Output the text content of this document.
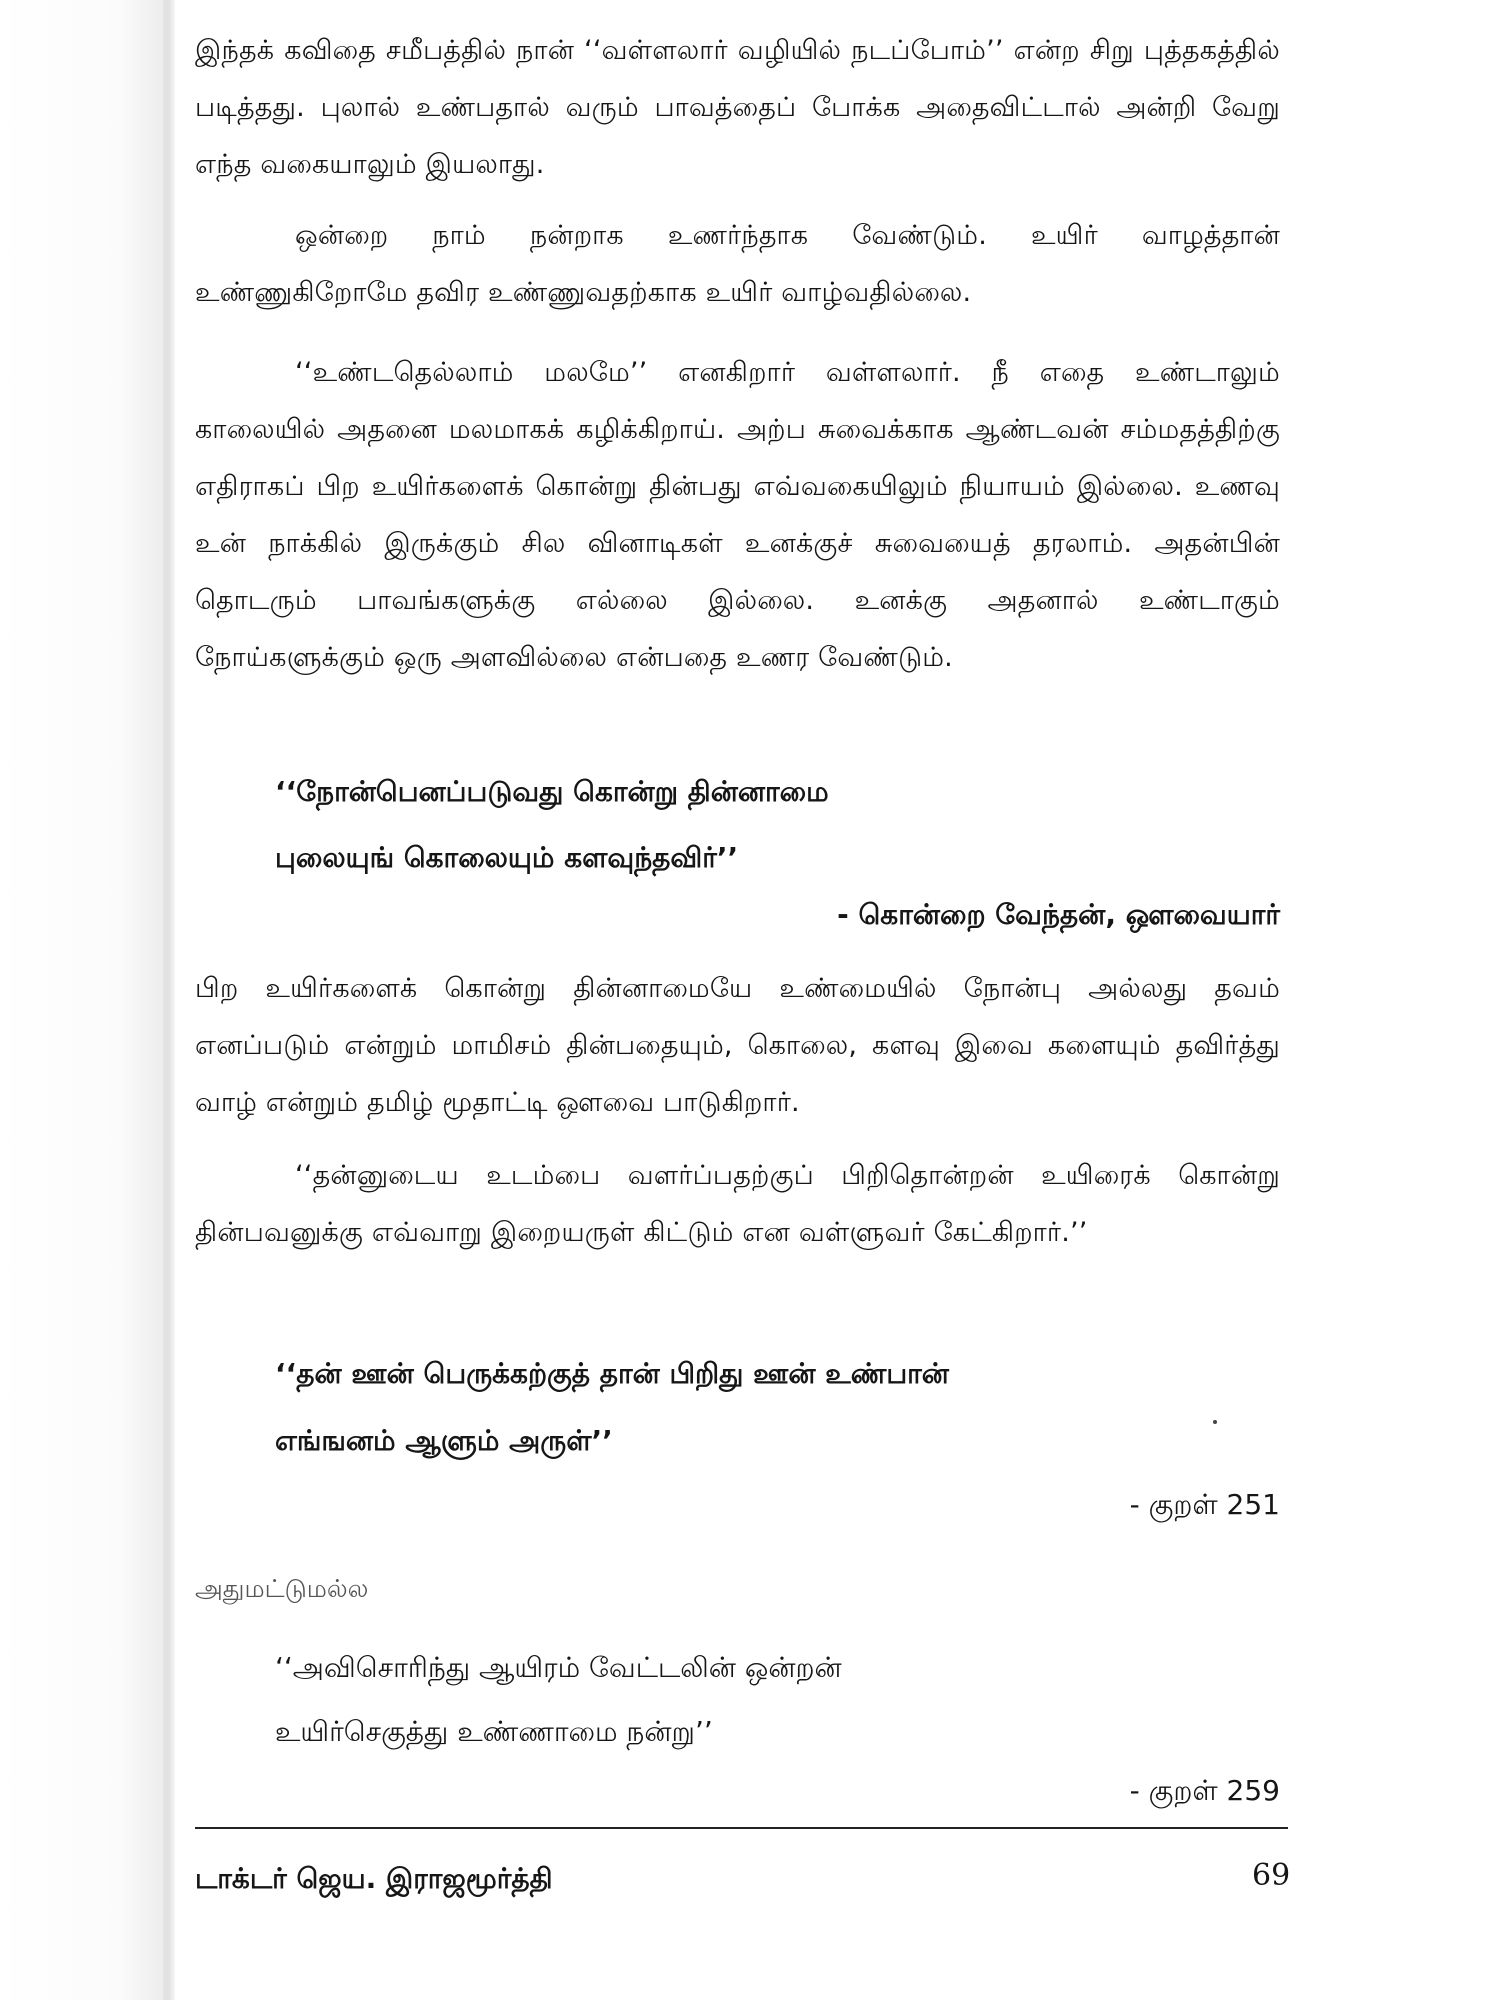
இந்தக் கவிதை சமீபத்தில் நான் ‘‘வள்ளலார் வழியில் நடப்போம்’’ என்ற சிறு புத்தகத்தில் படித்தது. புலால் உண்பதால் வரும் பாவத்தைப் போக்க அதைவிட்டால் அன்றி வேறு எந்த வகையாலும் இயலாது.

ஒன்றை நாம் நன்றாக உணர்ந்தாக வேண்டும். உயிர் வாழத்தான் உண்ணுகிறோமே தவிர உண்ணுவதற்காக உயிர் வாழ்வதில்லை.

‘‘உண்டதெல்லாம் மலமே’’ எனகிறார் வள்ளலார். நீ எதை உண்டாலும் காலையில் அதனை மலமாகக் கழிக்கிறாய். அற்ப சுவைக்காக ஆண்டவன் சம்மதத்திற்கு எதிராகப் பிற உயிர்களைக் கொன்று தின்பது எவ்வகையிலும் நியாயம் இல்லை. உணவு உன் நாக்கில் இருக்கும் சில வினாடிகள் உனக்குச் சுவையைத் தரலாம். அதன்பின் தொடரும் பாவங்களுக்கு எல்லை இல்லை. உனக்கு அதனால் உண்டாகும் நோய்களுக்கும் ஒரு அளவில்லை என்பதை உணர வேண்டும்.

‘‘நோன்பெனப்படுவது கொன்று தின்னாமை

புலையுங் கொலையும் களவுந்தவிர்’’

- கொன்றை வேந்தன், ஔவையார்

பிற உயிர்களைக் கொன்று தின்னாமையே உண்மையில் நோன்பு அல்லது தவம் எனப்படும் என்றும் மாமிசம் தின்பதையும், கொலை, களவு இவை களையும் தவிர்த்து வாழ் என்றும் தமிழ் மூதாட்டி ஔவை பாடுகிறார்.

‘‘தன்னுடைய உடம்பை வளர்ப்பதற்குப் பிறிதொன்றன் உயிரைக் கொன்று தின்பவனுக்கு எவ்வாறு இறையருள் கிட்டும் என வள்ளுவர் கேட்கிறார்.’’

‘‘தன் ஊன் பெருக்கற்குத் தான் பிறிது ஊன் உண்பான்

எங்ஙனம் ஆளும் அருள்’’

- குறள் 251
அதுமட்டுமல்ல

‘‘அவிசொரிந்து ஆயிரம் வேட்டலின் ஒன்றன்

உயிர்செகுத்து உண்ணாமை நன்று’’

- குறள் 259
டாக்டர் ஜெய. இராஜமூர்த்தி	69
